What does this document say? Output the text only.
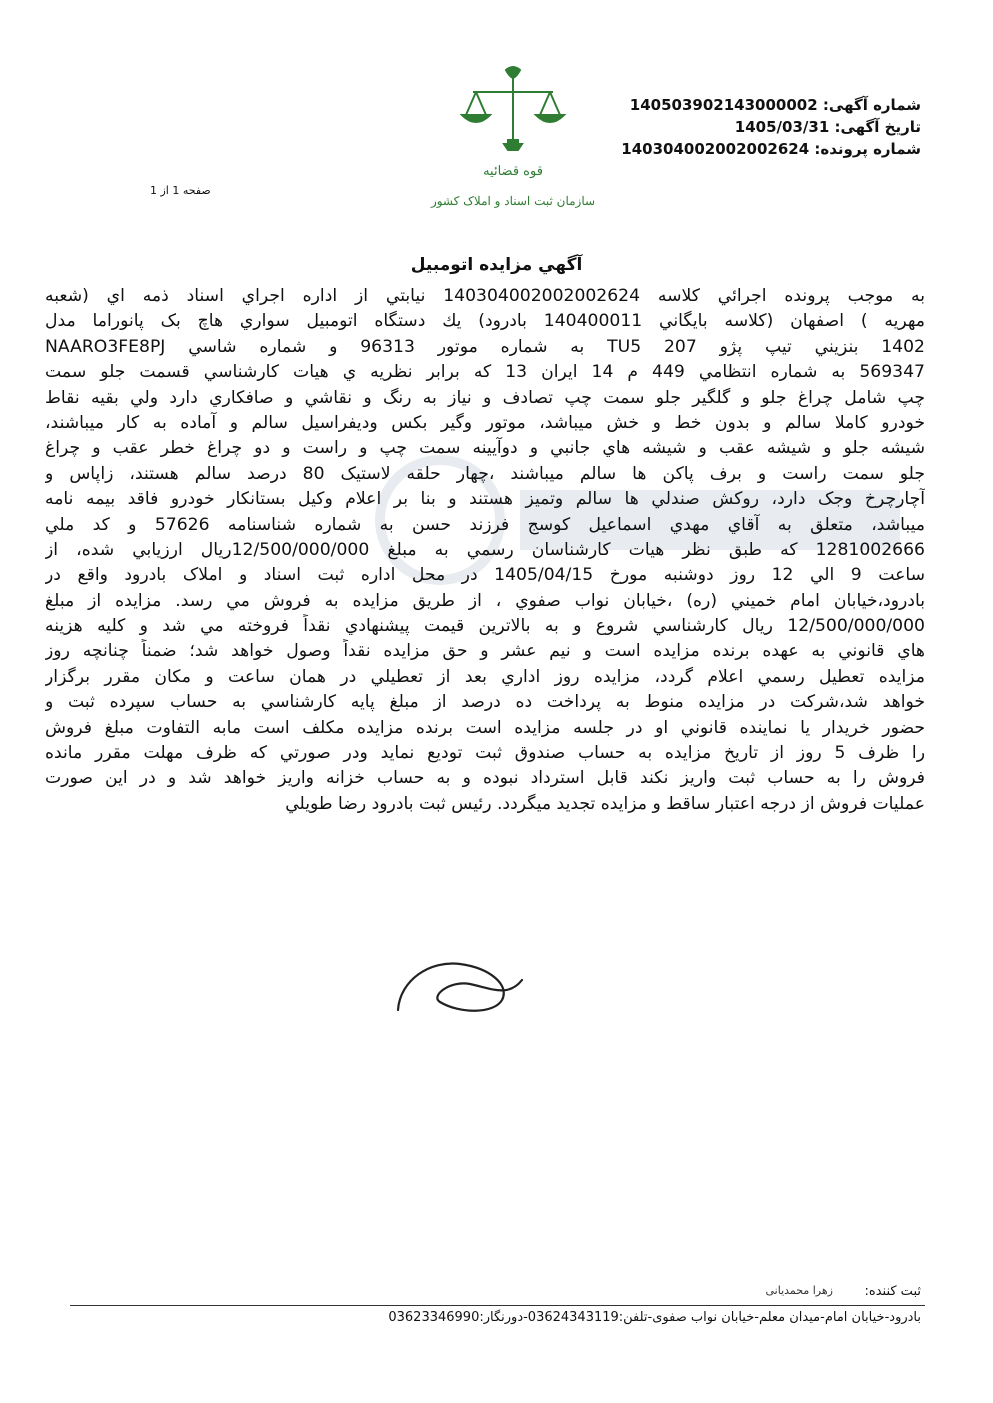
شماره آگهی: 140503902143000002
تاریخ آگهی: 1405/03/31
شماره پرونده: 140304002002002624
صفحه 1 از 1
قوه قضائیه
سازمان ثبت اسناد و املاک کشور
آگهي مزايده اتومبيل
به موجب پرونده اجرائي كلاسه 140304002002002624 نيابتي از اداره اجراي اسناد ذمه اي (شعبه
مهريه ) اصفهان (كلاسه بايگاني 140400011 بادرود) يك دستگاه اتومبيل سواري هاچ بک پانوراما مدل
1402 بنزيني تيپ پژو 207 TU5 به شماره موتور 96313 و شماره شاسي NAARO3FE8PJ
569347 به شماره انتظامي 449 م 14 ايران 13 كه برابر نظريه ي هيات كارشناسي قسمت جلو سمت
چپ شامل چراغ جلو و گلگير جلو سمت چپ تصادف و نياز به رنگ و نقاشي و صافكاري دارد ولي بقيه نقاط
خودرو كاملا سالم و بدون خط و خش ميباشد، موتور وگير بكس وديفراسيل سالم و آماده به كار ميباشند،
شيشه جلو و شيشه عقب و شيشه هاي جانبي و دوآيينه سمت چپ و راست و دو چراغ خطر عقب و چراغ
جلو سمت راست و برف پاكن ها سالم ميباشند ،چهار حلقه لاستيک 80 درصد سالم هستند، زاپاس و
آچارچرخ وجک دارد، روكش صندلي ها سالم وتميز هستند و بنا بر اعلام وكيل بستانكار خودرو فاقد بيمه نامه
ميباشد، متعلق به آقاي مهدي اسماعيل كوسج فرزند حسن به شماره شناسنامه 57626 و كد ملي
1281002666 كه طبق نظر هيات كارشناسان رسمي به مبلغ 12/500/000/000ريال ارزيابي شده، از
ساعت 9 الي 12 روز دوشنبه مورخ 1405/04/15 در محل اداره ثبت اسناد و املاک بادرود واقع در
بادرود،خيابان امام خميني (ره) ،خيابان نواب صفوي ، از طريق مزايده به فروش مي رسد. مزايده از مبلغ
12/500/000/000 ريال كارشناسي شروع و به بالاترين قيمت پيشنهادي نقداً فروخته مي شد و كليه هزينه
هاي قانوني به عهده برنده مزايده است و نيم عشر و حق مزايده نقداً وصول خواهد شد؛ ضمناً چنانچه روز
مزايده تعطيل رسمي اعلام گردد، مزايده روز اداري بعد از تعطيلي در همان ساعت و مكان مقرر برگزار
خواهد شد،شركت در مزايده منوط به پرداخت ده درصد از مبلغ پايه كارشناسي به حساب سپرده ثبت و
حضور خريدار يا نماينده قانوني او در جلسه مزايده است برنده مزايده مكلف است مابه التفاوت مبلغ فروش
را ظرف 5 روز از تاريخ مزايده به حساب صندوق ثبت توديع نمايد ودر صورتي كه ظرف مهلت مقرر مانده
فروش را به حساب ثبت واريز نكند قابل استرداد نبوده و به حساب خزانه واريز خواهد شد و در اين صورت
عمليات فروش از درجه اعتبار ساقط و مزايده تجديد ميگردد. رئيس ثبت بادرود رضا طويلي
ثبت کننده:
زهرا محمديانی
بادرود-خیابان امام-میدان معلم-خیابان نواب صفوی-تلفن:03624343119-دورنگار:03623346990
